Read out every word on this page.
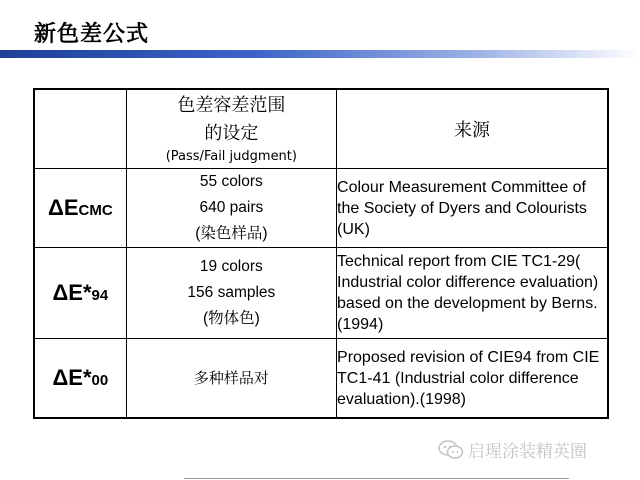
新色差公式

	色差容差范围
的设定
(Pass/Fail judgment)	来源
ΔECMC	55 colors
640 pairs
(染色样品)	Colour Measurement Committee of the Society of Dyers and Colourists (UK)
ΔE*94	19 colors
156 samples
(物体色)	Technical report from CIE TC1-29( Industrial color difference evaluation) based on the development by Berns.(1994)
ΔE*00	多种样品对	Proposed revision of CIE94 from CIE TC1-41 (Industrial color difference evaluation).(1998)
启瑆涂装精英圈
